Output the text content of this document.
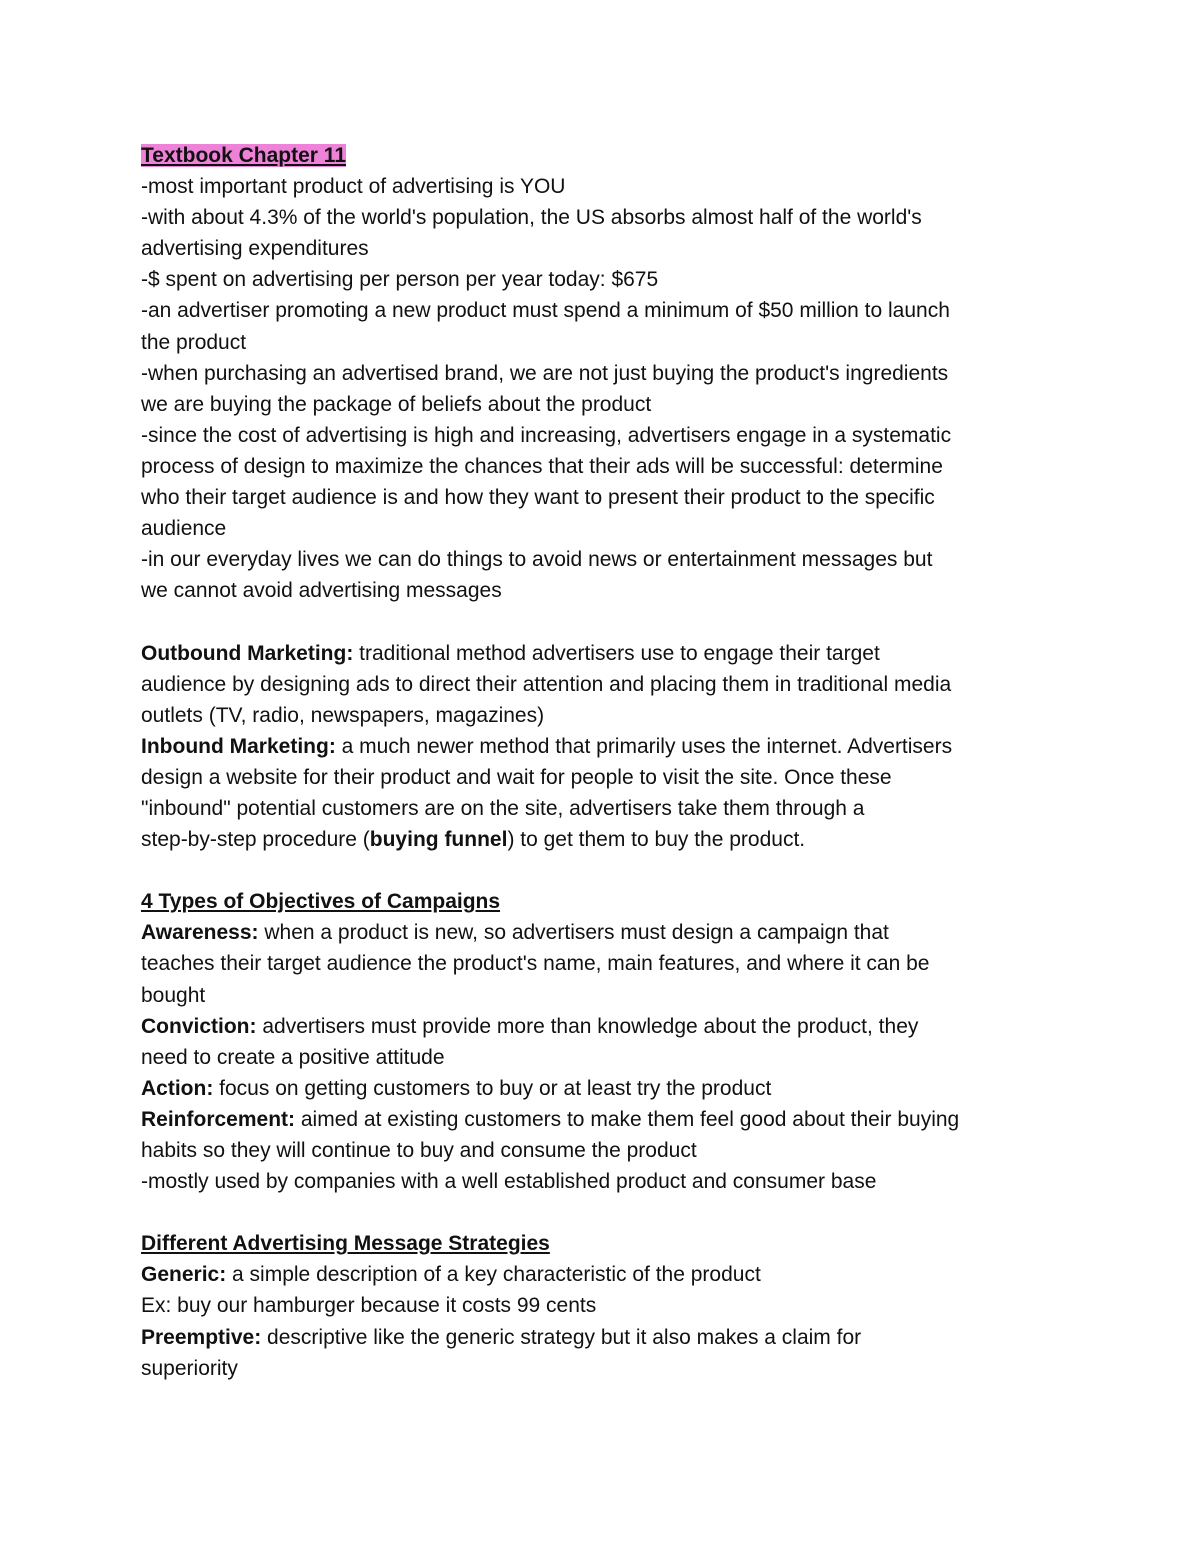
Textbook Chapter 11
-most important product of advertising is YOU
-with about 4.3% of the world's population, the US absorbs almost half of the world's
advertising expenditures
-$ spent on advertising per person per year today: $675
-an advertiser promoting a new product must spend a minimum of $50 million to launch
the product
-when purchasing an advertised brand, we are not just buying the product's ingredients
we are buying the package of beliefs about the product
-since the cost of advertising is high and increasing, advertisers engage in a systematic
process of design to maximize the chances that their ads will be successful: determine
who their target audience is and how they want to present their product to the specific
audience
-in our everyday lives we can do things to avoid news or entertainment messages but
we cannot avoid advertising messages
Outbound Marketing: traditional method advertisers use to engage their target
audience by designing ads to direct their attention and placing them in traditional media
outlets (TV, radio, newspapers, magazines)
Inbound Marketing: a much newer method that primarily uses the internet. Advertisers
design a website for their product and wait for people to visit the site. Once these
"inbound" potential customers are on the site, advertisers take them through a
step-by-step procedure (buying funnel) to get them to buy the product.
4 Types of Objectives of Campaigns
Awareness: when a product is new, so advertisers must design a campaign that
teaches their target audience the product's name, main features, and where it can be
bought
Conviction: advertisers must provide more than knowledge about the product, they
need to create a positive attitude
Action: focus on getting customers to buy or at least try the product
Reinforcement: aimed at existing customers to make them feel good about their buying
habits so they will continue to buy and consume the product
-mostly used by companies with a well established product and consumer base
Different Advertising Message Strategies
Generic: a simple description of a key characteristic of the product
Ex: buy our hamburger because it costs 99 cents
Preemptive: descriptive like the generic strategy but it also makes a claim for
superiority
